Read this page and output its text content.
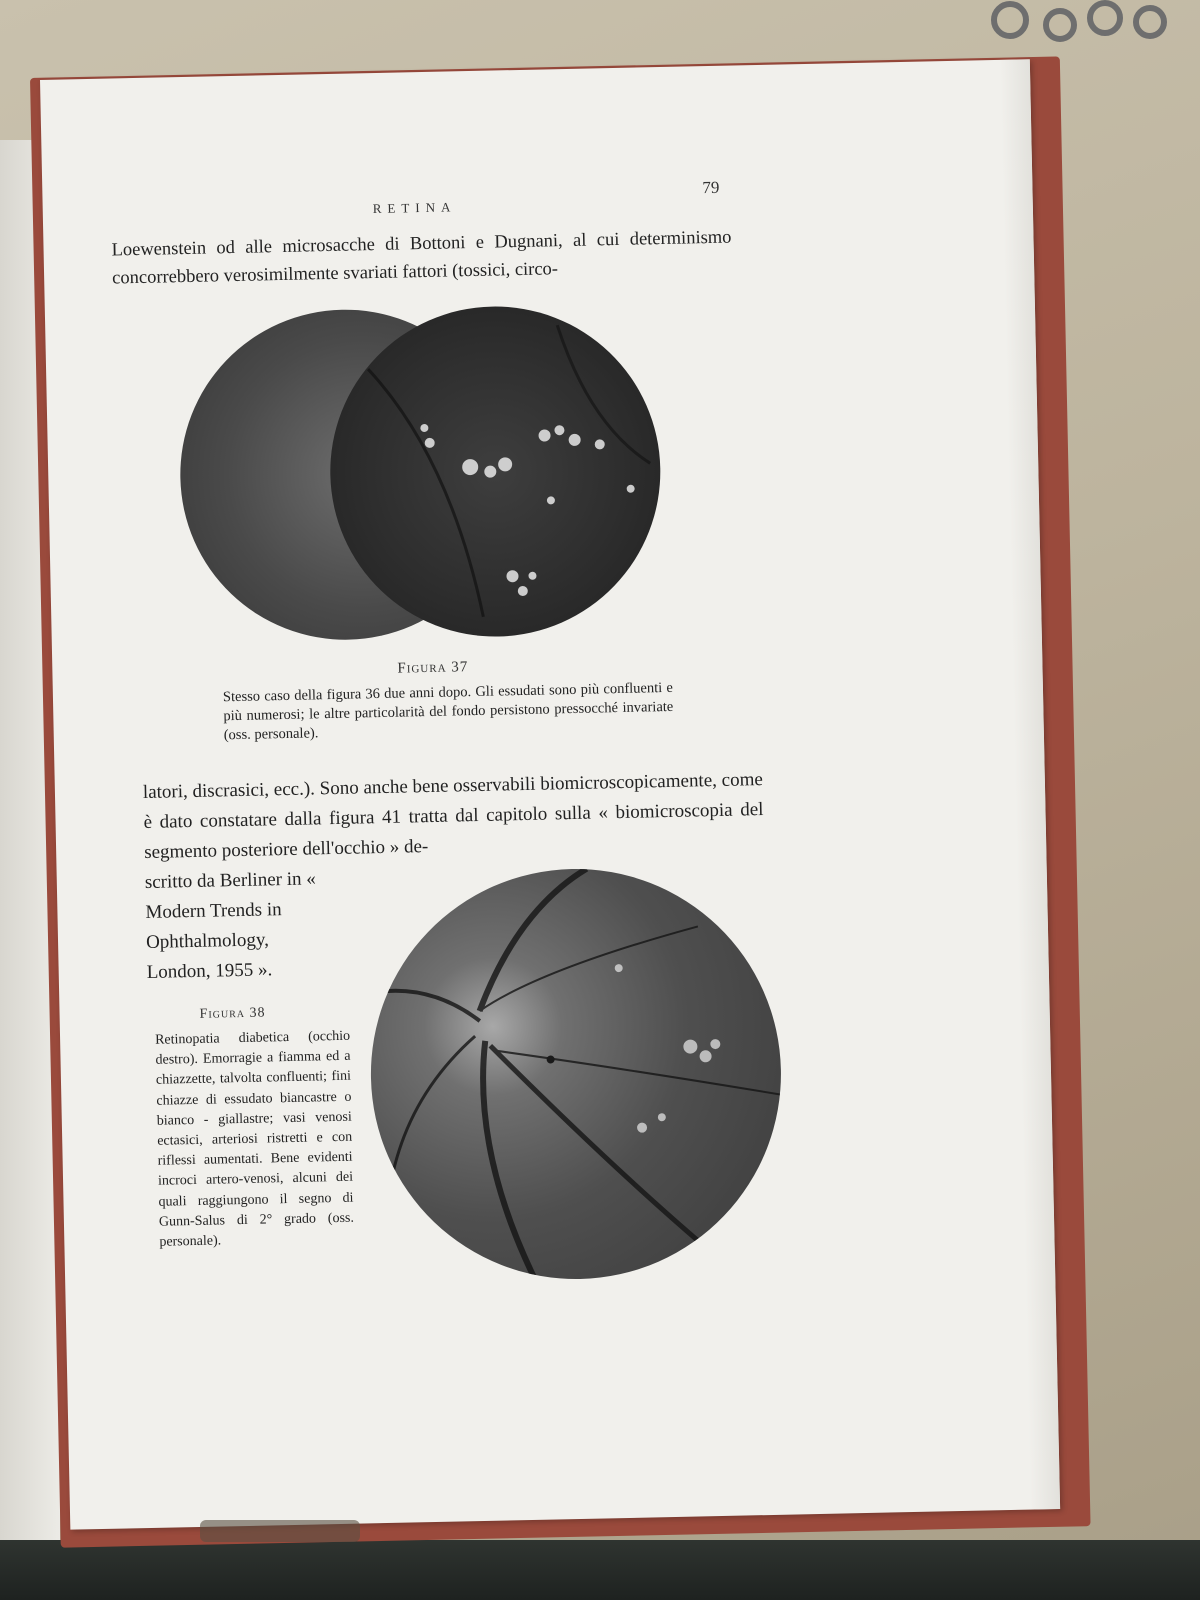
RETINA
79
Loewenstein od alle microsacche di Bottoni e Dugnani, al cui determinismo concorrebbero verosimilmente svariati fattori (tossici, circo-
Figura 37
Stesso caso della figura 36 due anni dopo. Gli essudati sono più confluenti e più numerosi; le altre particolarità del fondo persistono pressocché invariate (oss. personale).
latori, discrasici, ecc.). Sono anche bene osservabili biomicroscopicamente, come è dato constatare dalla figura 41 tratta dal capitolo sulla « biomicroscopia del segmento posteriore dell'occhio » de-
scritto da Berliner in « Modern Trends in Ophthalmology, London, 1955 ».
Figura 38
Retinopatia diabetica (occhio destro). Emorragie a fiamma ed a chiazzette, talvolta confluenti; fini chiazze di essudato biancastre o bianco - giallastre; vasi venosi ectasici, arteriosi ristretti e con riflessi aumentati. Bene evidenti incroci artero-venosi, alcuni dei quali raggiungono il segno di Gunn-Salus di 2° grado (oss. personale).
